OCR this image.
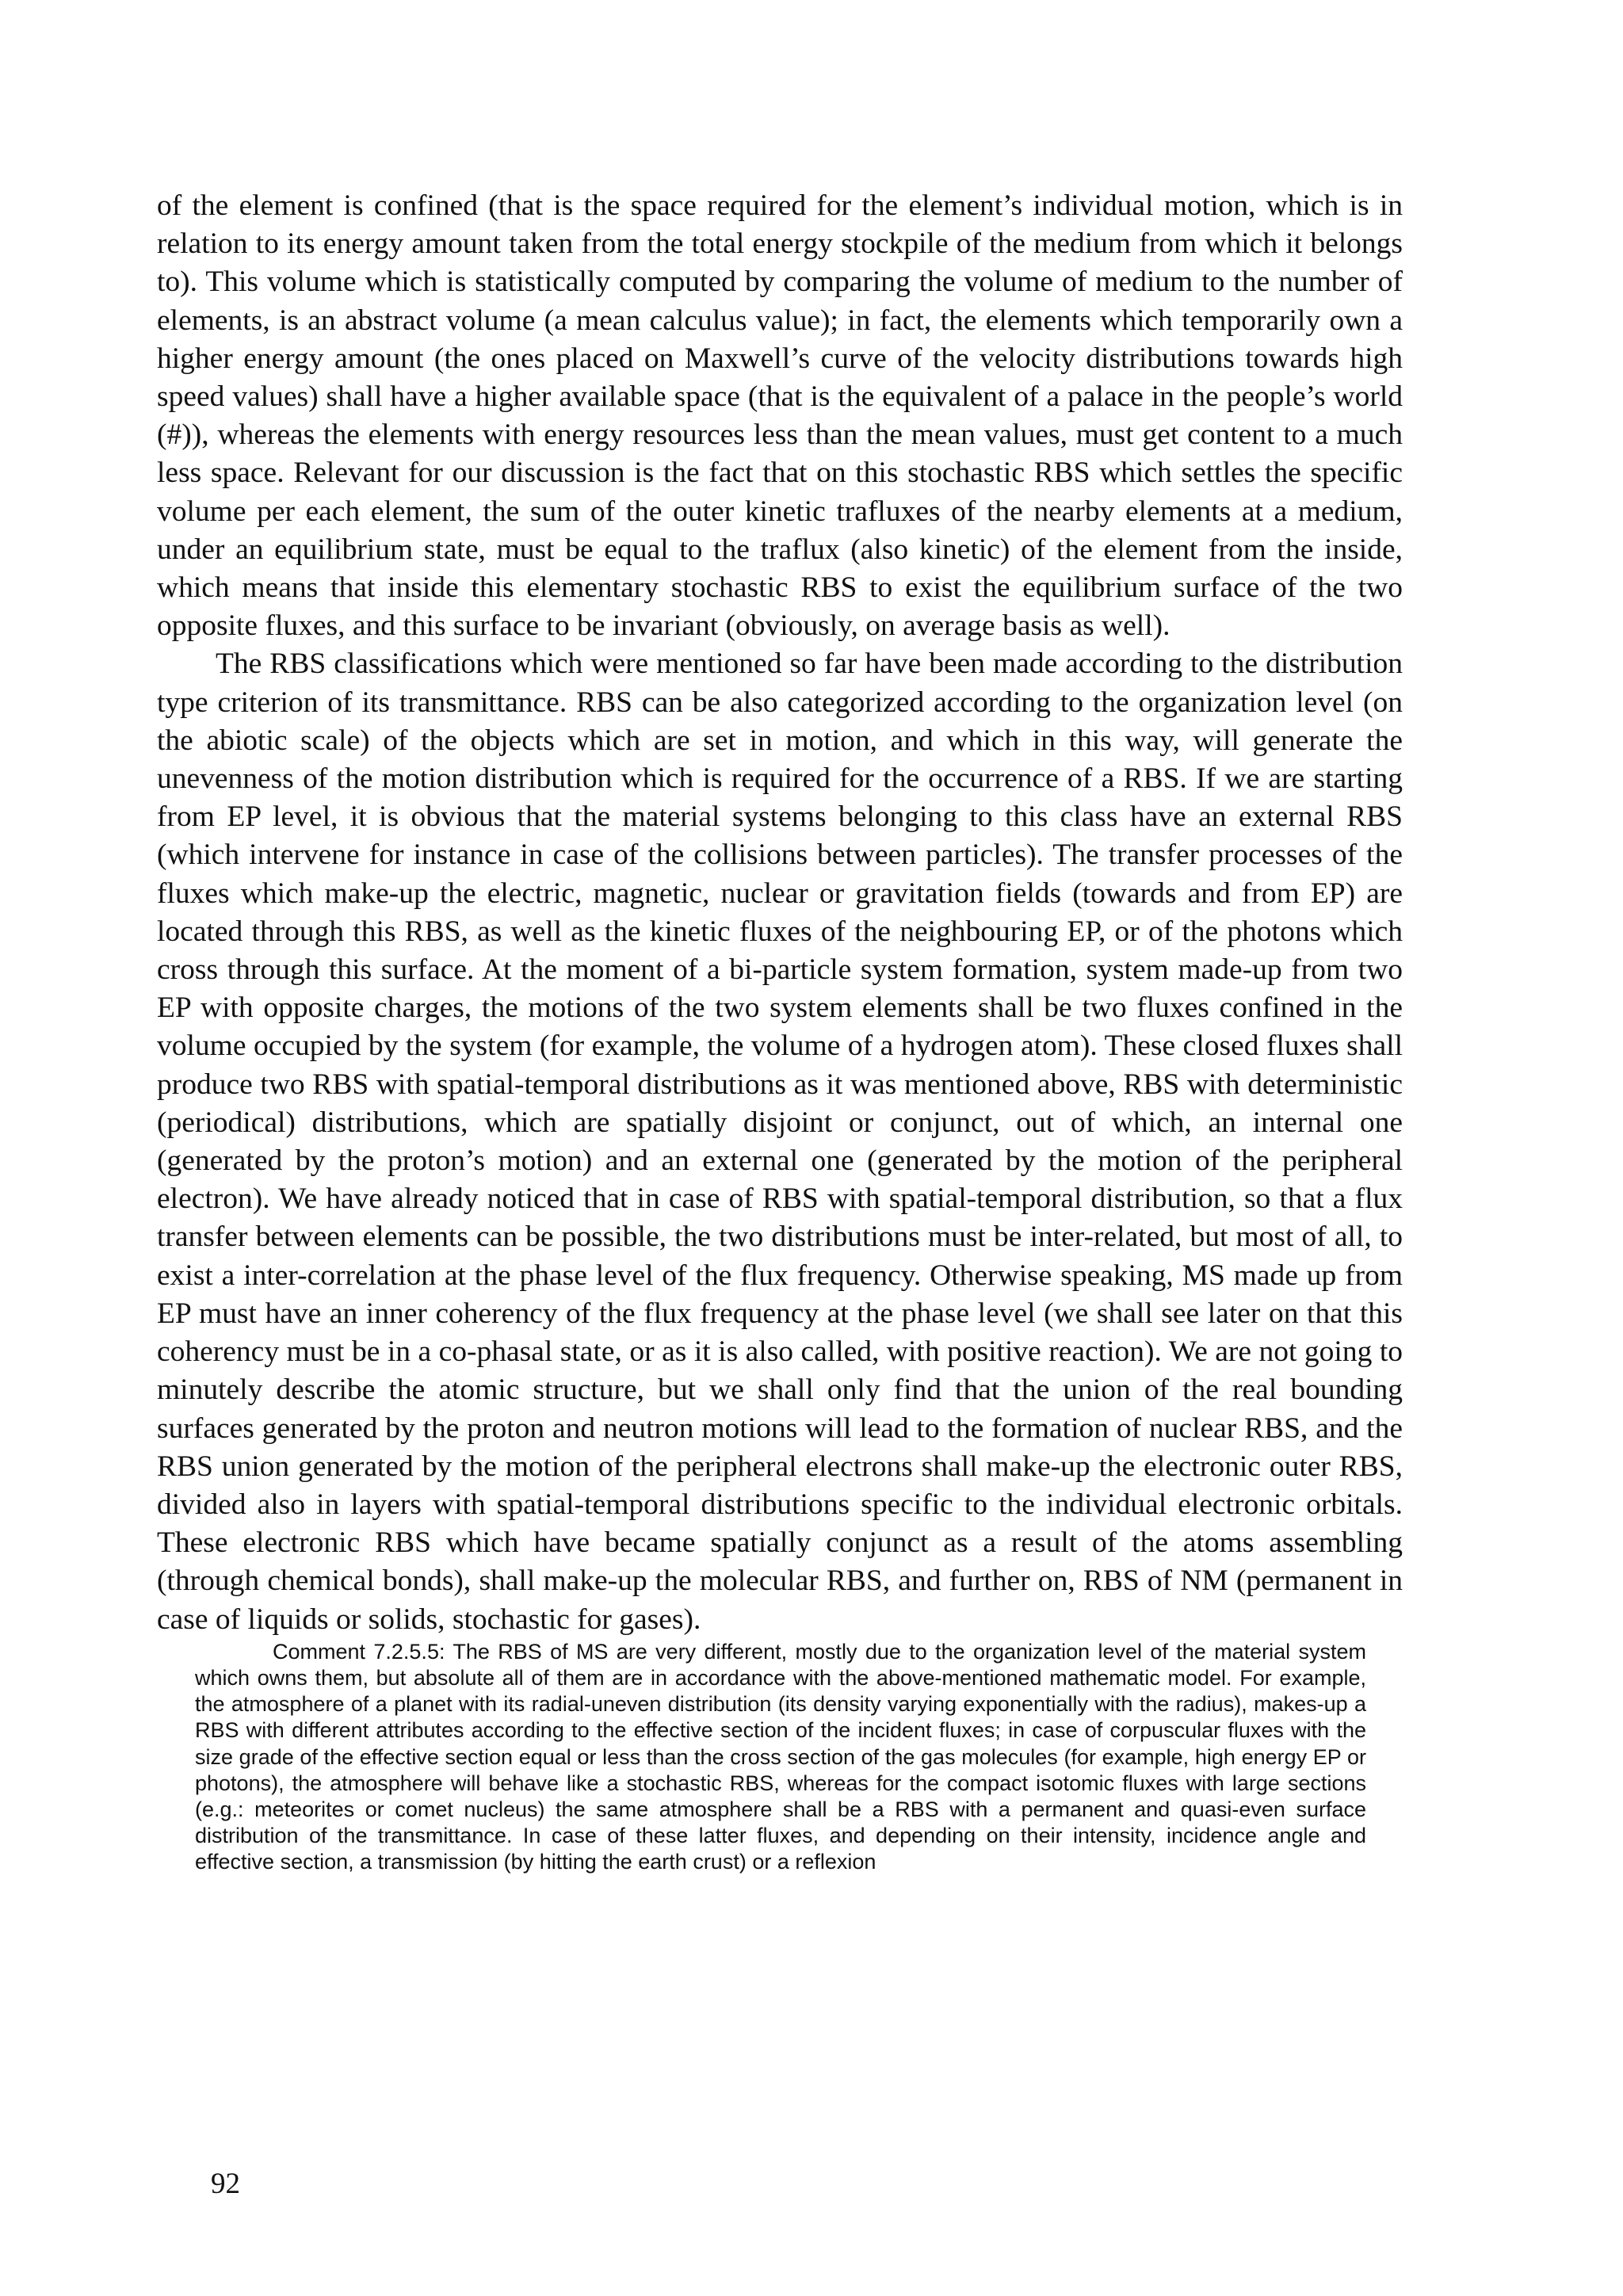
of the element is confined (that is the space required for the element’s individual motion, which is in relation to its energy amount taken from the total energy stockpile of the medium from which it belongs to). This volume which is statistically computed by comparing the volume of medium to the number of elements, is an abstract volume (a mean calculus value); in fact, the elements which temporarily own a higher energy amount (the ones placed on Maxwell’s curve of the velocity distributions towards high speed values) shall have a higher available space (that is the equivalent of a palace in the people’s world (#)), whereas the elements with energy resources less than the mean values, must get content to a much less space. Relevant for our discussion is the fact that on this stochastic RBS which settles the specific volume per each element, the sum of the outer kinetic trafluxes of the nearby elements at a medium, under an equilibrium state, must be equal to the traflux (also kinetic) of the element from the inside, which means that inside this elementary stochastic RBS to exist the equilibrium surface of the two opposite fluxes, and this surface to be invariant (obviously, on average basis as well).

The RBS classifications which were mentioned so far have been made according to the distribution type criterion of its transmittance. RBS can be also categorized according to the organization level (on the abiotic scale) of the objects which are set in motion, and which in this way, will generate the unevenness of the motion distribution which is required for the occurrence of a RBS. If we are starting from EP level, it is obvious that the material systems belonging to this class have an external RBS (which intervene for instance in case of the collisions between particles). The transfer processes of the fluxes which make-up the electric, magnetic, nuclear or gravitation fields (towards and from EP) are located through this RBS, as well as the kinetic fluxes of the neighbouring EP, or of the photons which cross through this surface. At the moment of a bi-particle system formation, system made-up from two EP with opposite charges, the motions of the two system elements shall be two fluxes confined in the volume occupied by the system (for example, the volume of a hydrogen atom). These closed fluxes shall produce two RBS with spatial-temporal distributions as it was mentioned above, RBS with deterministic (periodical) distributions, which are spatially disjoint or conjunct, out of which, an internal one (generated by the proton’s motion) and an external one (generated by the motion of the peripheral electron). We have already noticed that in case of RBS with spatial-temporal distribution, so that a flux transfer between elements can be possible, the two distributions must be inter-related, but most of all, to exist a inter-correlation at the phase level of the flux frequency. Otherwise speaking, MS made up from EP must have an inner coherency of the flux frequency at the phase level (we shall see later on that this coherency must be in a co-phasal state, or as it is also called, with positive reaction). We are not going to minutely describe the atomic structure, but we shall only find that the union of the real bounding surfaces generated by the proton and neutron motions will lead to the formation of nuclear RBS, and the RBS union generated by the motion of the peripheral electrons shall make-up the electronic outer RBS, divided also in layers with spatial-temporal distributions specific to the individual electronic orbitals. These electronic RBS which have became spatially conjunct as a result of the atoms assembling (through chemical bonds), shall make-up the molecular RBS, and further on, RBS of NM (permanent in case of liquids or solids, stochastic for gases).

Comment 7.2.5.5: The RBS of MS are very different, mostly due to the organization level of the material system which owns them, but absolute all of them are in accordance with the above-mentioned mathematic model. For example, the atmosphere of a planet with its radial-uneven distribution (its density varying exponentially with the radius), makes-up a RBS with different attributes according to the effective section of the incident fluxes; in case of corpuscular fluxes with the size grade of the effective section equal or less than the cross section of the gas molecules (for example, high energy EP or photons), the atmosphere will behave like a stochastic RBS, whereas for the compact isotomic fluxes with large sections (e.g.: meteorites or comet nucleus) the same atmosphere shall be a RBS with a permanent and quasi-even surface distribution of the transmittance. In case of these latter fluxes, and depending on their intensity, incidence angle and effective section, a transmission (by hitting the earth crust) or a reflexion

92
